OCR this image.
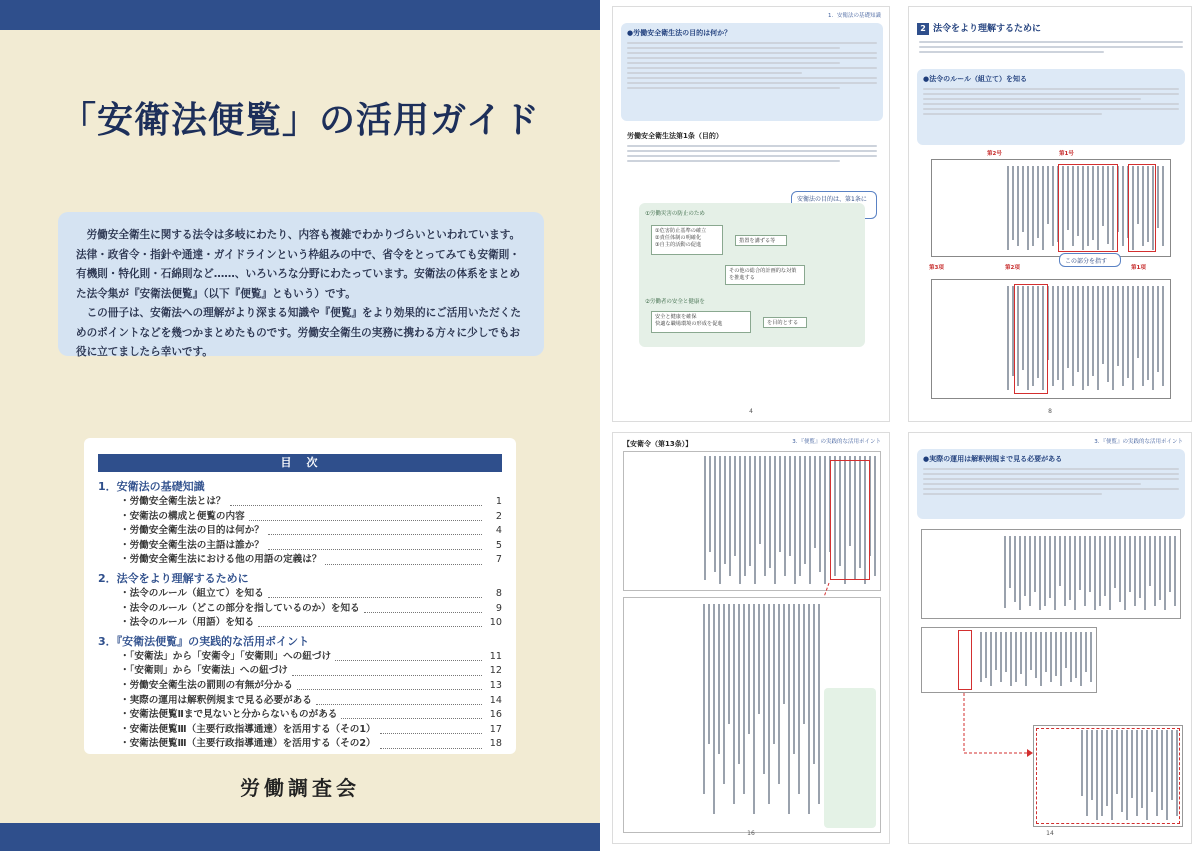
「安衛法便覧」の活用ガイド

労働安全衛生に関する法令は多岐にわたり、内容も複雑でわかりづらいといわれています。法律・政省令・指針や通達・ガイドラインという枠組みの中で、省令をとってみても安衛則・有機則・特化則・石綿則など……、いろいろな分野にわたっています。安衛法の体系をまとめた法令集が『安衛法便覧』（以下『便覧』ともいう）です。

この冊子は、安衛法への理解がより深まる知識や『便覧』をより効果的にご活用いただくためのポイントなどを幾つかまとめたものです。労働安全衛生の実務に携わる方々に少しでもお役に立てましたら幸いです。

目　次
1．安衛法の基礎知識
・労働安全衛生法とは？	1
・安衛法の構成と便覧の内容	2
・労働安全衛生法の目的は何か？	4
・労働安全衛生法の主語は誰か？	5
・労働安全衛生法における他の用語の定義は？	7
2．法令をより理解するために
・法令のルール（組立て）を知る	8
・法令のルール（どこの部分を指しているのか）を知る	9
・法令のルール（用語）を知る	10
3．『安衛法便覧』の実践的な活用ポイント
・「安衛法」から「安衛令」「安衛則」への紐づけ	11
・「安衛則」から「安衛法」への紐づけ	12
・労働安全衛生法の罰則の有無が分かる	13
・実際の運用は解釈例規まで見る必要がある	14
・安衛法便覧Ⅱまで見ないと分からないものがある	16
・安衛法便覧Ⅲ（主要行政指導通達）を活用する（その1）	17
・安衛法便覧Ⅲ（主要行政指導通達）を活用する（その2）	18
労働調査会
1．安衛法の基礎知識
●労働安全衛生法の目的は何か？
労働安全衛生法第1条（目的）
安衛法の目的は、第1条に
①労働災害の防止のため
①危害防止基準の確立
②責任体制の明確化
③自主的活動の促進
措置を講ずる等
その他の総合的計画的な対策を推進する
②労働者の安全と健康を
安全と健康を確保
快適な職場環境の形成を促進	を目的とする
4
2 法令をより理解するために
●法令のルール（組立て）を知る
第2号	第1号
第3項	第2項	第1項
この部分を指す
8
【安衛令（第13条）】	3．『便覧』の実践的な活用ポイント
16
3．『便覧』の実践的な活用ポイント
●実際の運用は解釈例規まで見る必要がある
14
